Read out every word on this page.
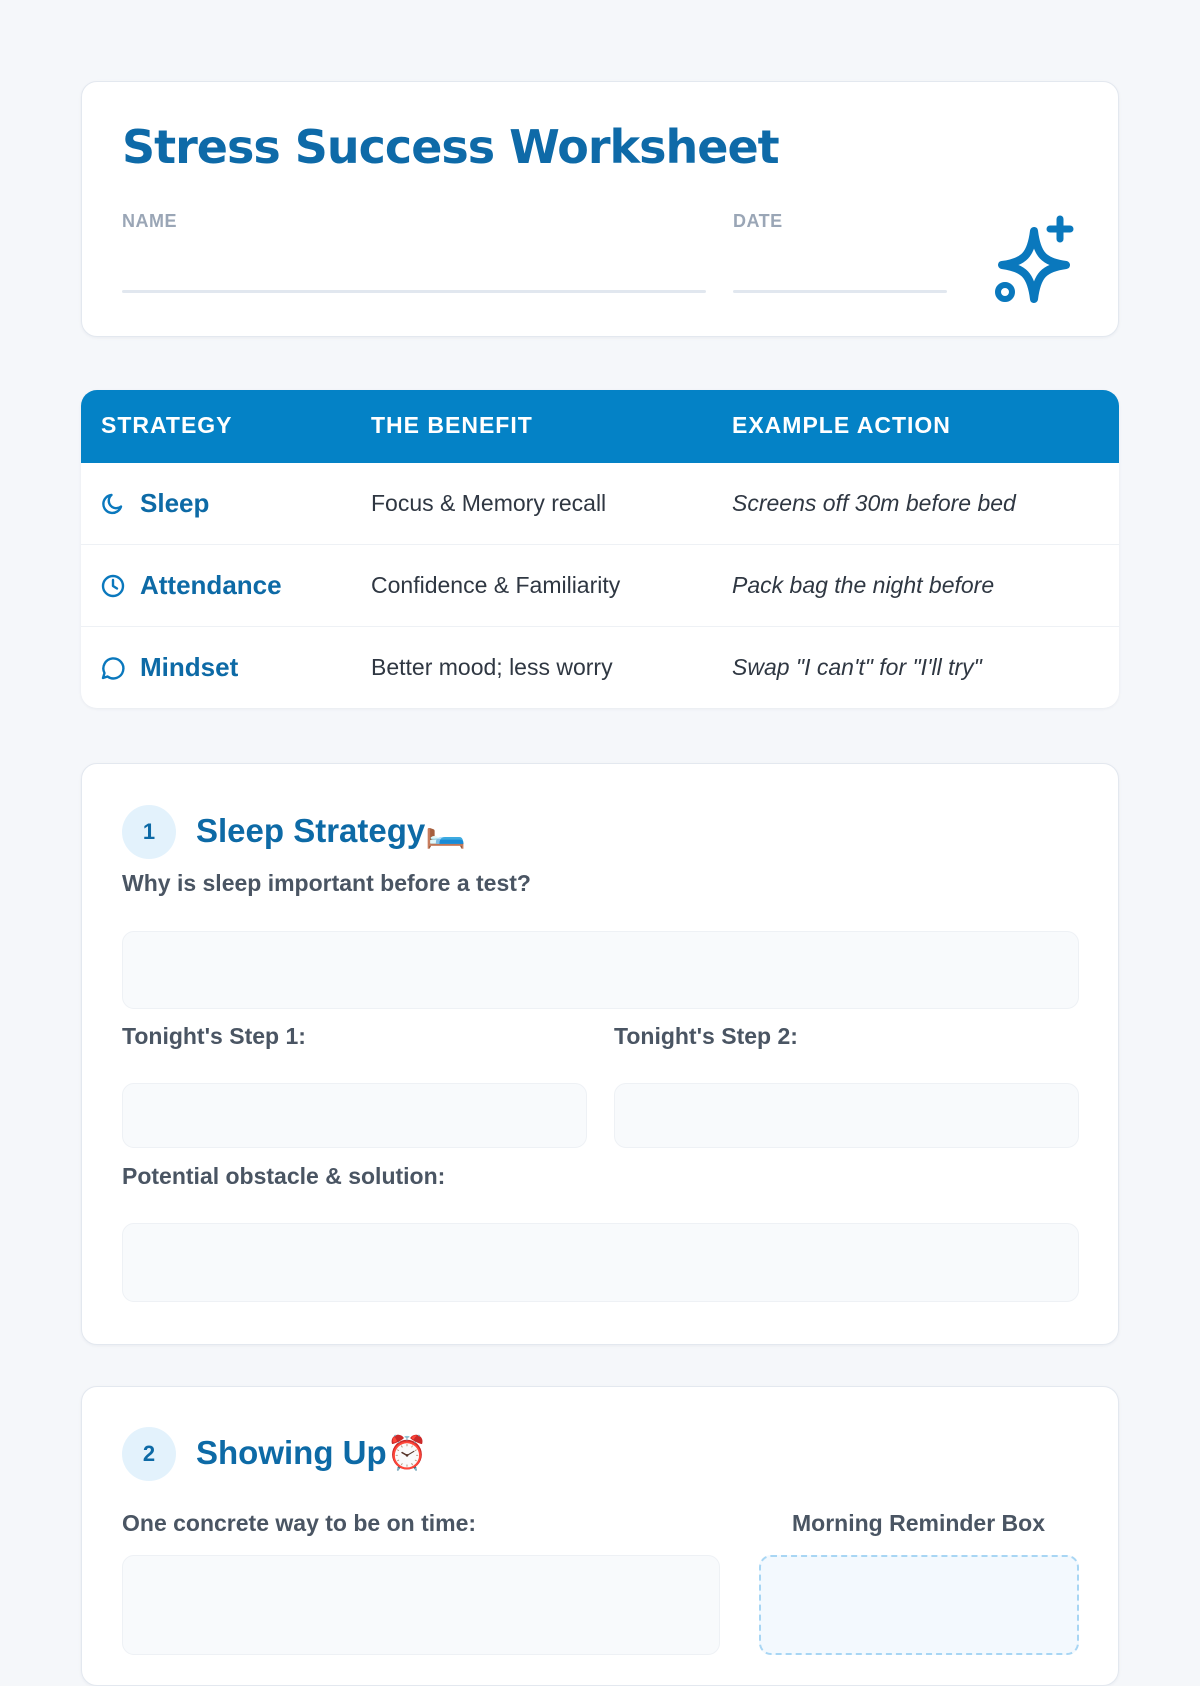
Stress Success Worksheet
NAME	DATE
STRATEGY	THE BENEFIT	EXAMPLE ACTION
Sleep	Focus & Memory recall	Screens off 30m before bed
Attendance	Confidence & Familiarity	Pack bag the night before
Mindset	Better mood; less worry	Swap "I can't" for "I'll try"
1	Sleep Strategy🛏️
Why is sleep important before a test?
Tonight's Step 1:	Tonight's Step 2:
Potential obstacle & solution:
2	Showing Up⏰
One concrete way to be on time:	Morning Reminder Box
